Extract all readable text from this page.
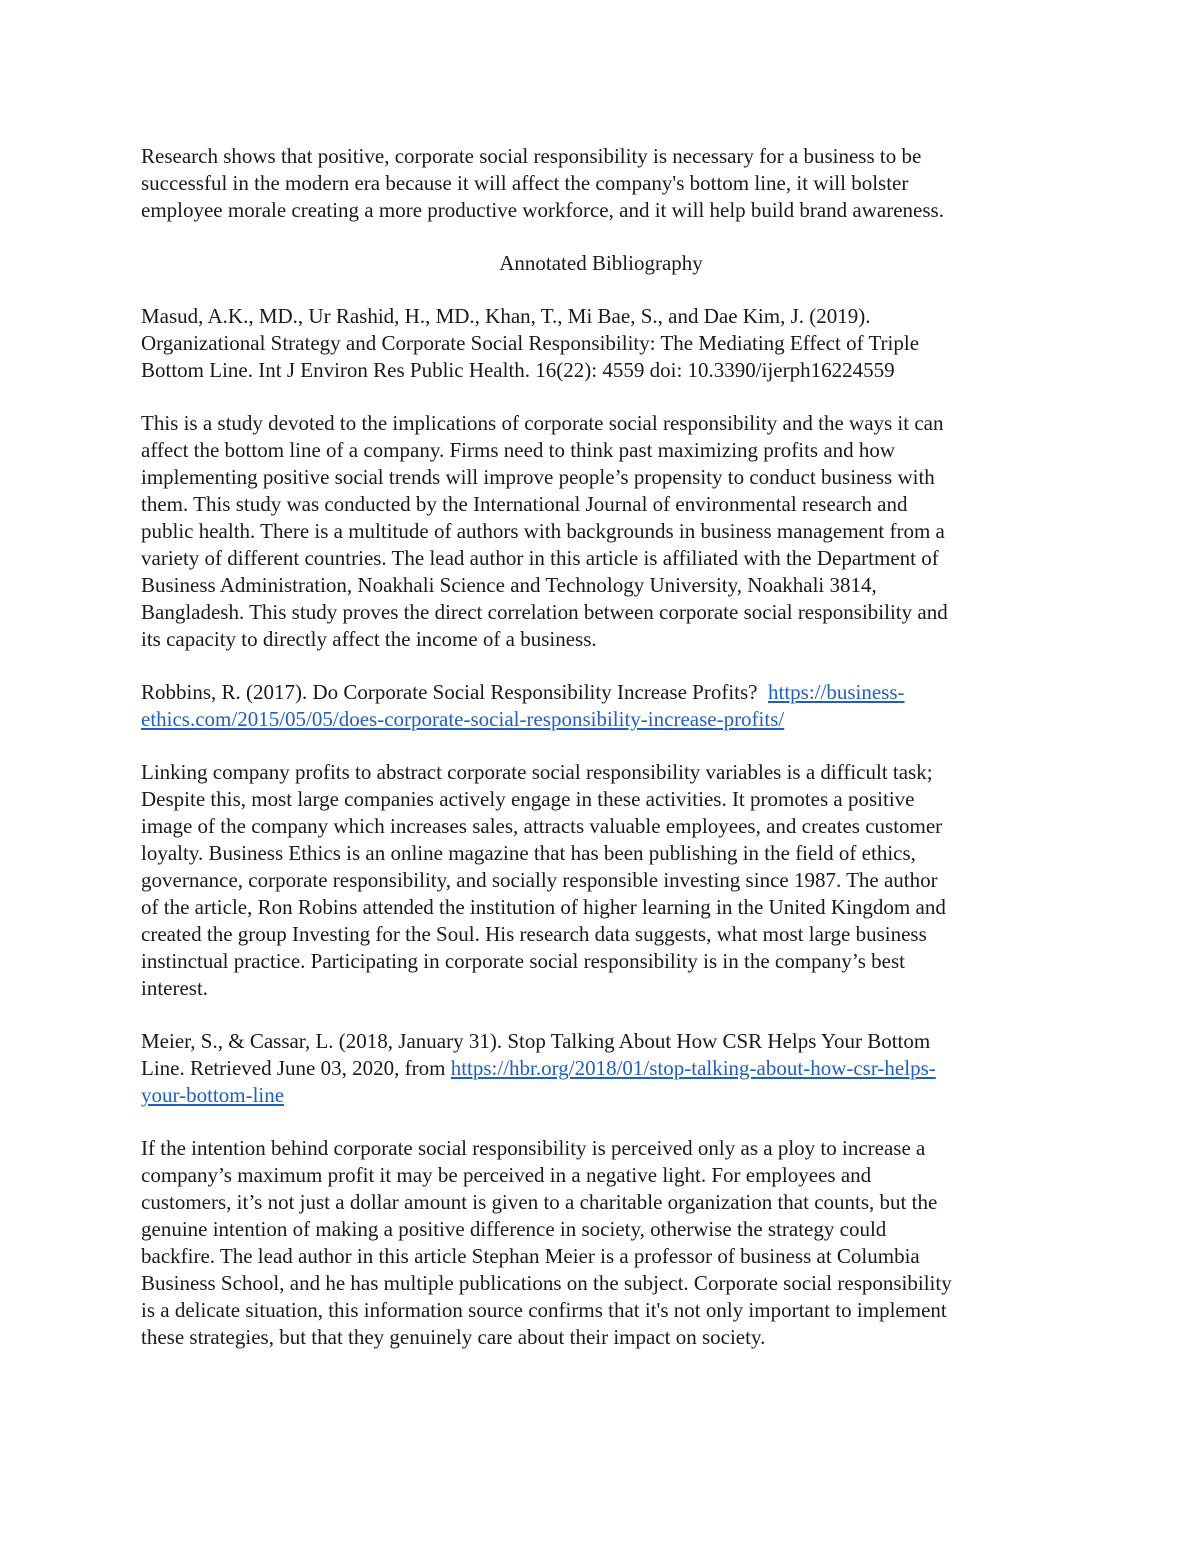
Research shows that positive, corporate social responsibility is necessary for a business to be
successful in the modern era because it will affect the company's bottom line, it will bolster
employee morale creating a more productive workforce, and it will help build brand awareness.

Annotated Bibliography

Masud, A.K., MD., Ur Rashid, H., MD., Khan, T., Mi Bae, S., and Dae Kim, J. (2019).
Organizational Strategy and Corporate Social Responsibility: The Mediating Effect of Triple
Bottom Line. Int J Environ Res Public Health. 16(22): 4559 doi: 10.3390/ijerph16224559

This is a study devoted to the implications of corporate social responsibility and the ways it can
affect the bottom line of a company. Firms need to think past maximizing profits and how
implementing positive social trends will improve people’s propensity to conduct business with
them. This study was conducted by the International Journal of environmental research and
public health. There is a multitude of authors with backgrounds in business management from a
variety of different countries. The lead author in this article is affiliated with the Department of
Business Administration, Noakhali Science and Technology University, Noakhali 3814,
Bangladesh. This study proves the direct correlation between corporate social responsibility and
its capacity to directly affect the income of a business.

Robbins, R. (2017). Do Corporate Social Responsibility Increase Profits?  https://business-
ethics.com/2015/05/05/does-corporate-social-responsibility-increase-profits/

Linking company profits to abstract corporate social responsibility variables is a difficult task;
Despite this, most large companies actively engage in these activities. It promotes a positive
image of the company which increases sales, attracts valuable employees, and creates customer
loyalty. Business Ethics is an online magazine that has been publishing in the field of ethics,
governance, corporate responsibility, and socially responsible investing since 1987. The author
of the article, Ron Robins attended the institution of higher learning in the United Kingdom and
created the group Investing for the Soul. His research data suggests, what most large business
instinctual practice. Participating in corporate social responsibility is in the company’s best
interest.

Meier, S., & Cassar, L. (2018, January 31). Stop Talking About How CSR Helps Your Bottom
Line. Retrieved June 03, 2020, from https://hbr.org/2018/01/stop-talking-about-how-csr-helps-
your-bottom-line

If the intention behind corporate social responsibility is perceived only as a ploy to increase a
company’s maximum profit it may be perceived in a negative light. For employees and
customers, it’s not just a dollar amount is given to a charitable organization that counts, but the
genuine intention of making a positive difference in society, otherwise the strategy could
backfire. The lead author in this article Stephan Meier is a professor of business at Columbia
Business School, and he has multiple publications on the subject. Corporate social responsibility
is a delicate situation, this information source confirms that it's not only important to implement
these strategies, but that they genuinely care about their impact on society.
